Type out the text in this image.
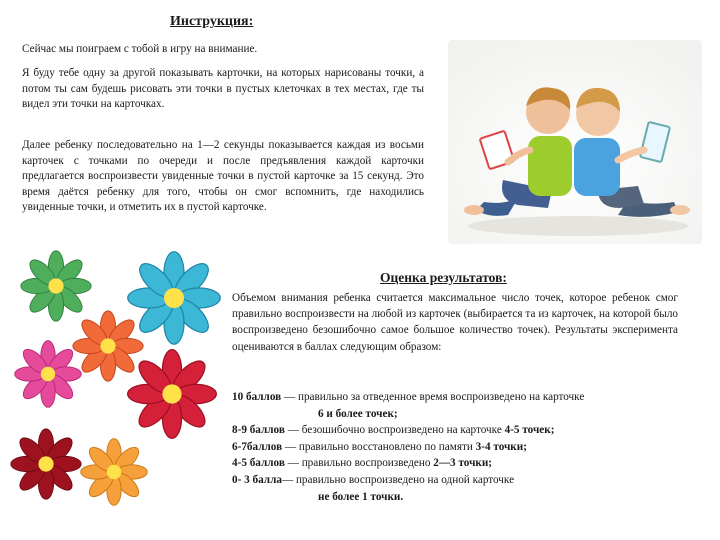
Инструкция:

Сейчас мы поиграем с тобой в игру на внимание.

Я буду тебе одну за другой показывать карточки, на которых нарисованы точки, а потом ты сам будешь рисовать эти точки в пустых клеточках в тех местах, где ты видел эти точки на карточках.

Далее ребенку последовательно на 1—2 секунды показывается каждая из восьми карточек с точками по очереди и после предъявления каждой карточки предлагается воспроизвести увиденные точки в пустой карточке за 15 секунд. Это время даётся ребенку для того, чтобы он смог вспомнить, где находились увиденные точки, и отметить их в пустой карточке.

Оценка результатов:

Объемом внимания ребенка считается максимальное число точек, которое ребенок смог правильно воспроизвести на любой из карточек (выбирается та из карточек, на которой было воспроизведено безошибочно самое большое количество точек). Результаты эксперимента оцениваются в баллах следующим образом:

10 баллов — правильно за отведенное время воспроизведено на карточке
6 и более точек;
8-9 баллов — безошибочно воспроизведено на карточке 4-5 точек;
6-7баллов — правильно восстановлено по памяти 3-4 точки;
4-5 баллов — правильно воспроизведено 2—3 точки;
0- 3 балла— правильно воспроизведено на одной карточке
не более 1 точки.
